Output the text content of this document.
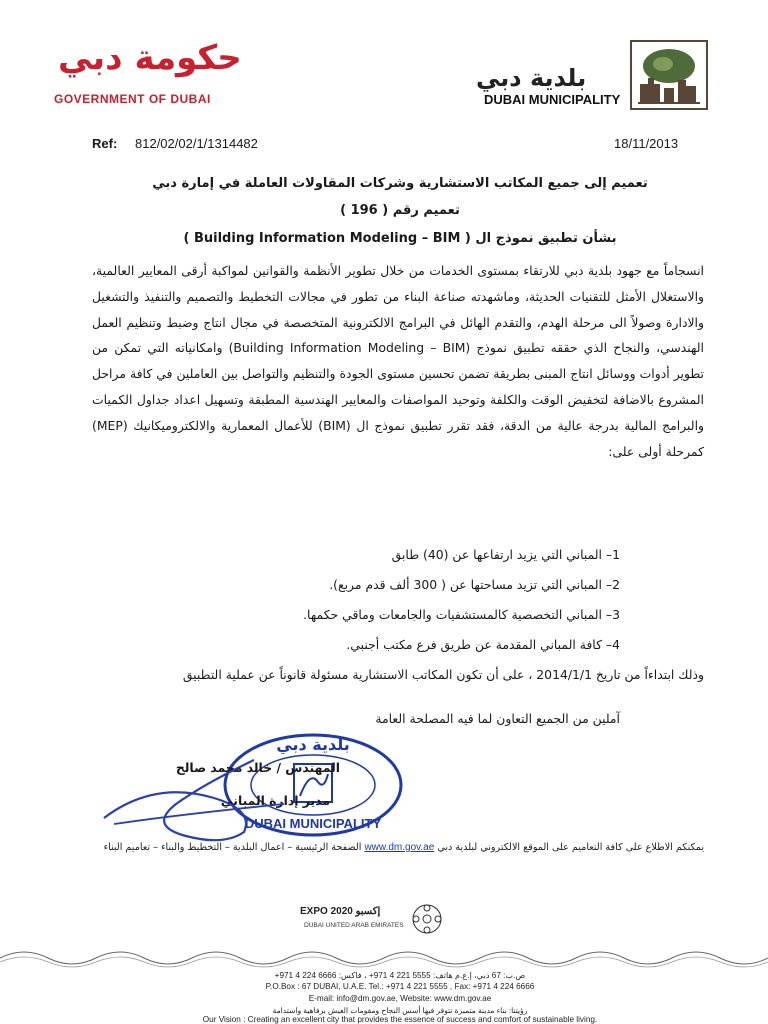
حكومة دبي
GOVERNMENT OF DUBAI
بلدية دبي
DUBAI MUNICIPALITY
Ref: 812/02/02/1/1314482	18/11/2013
تعميم إلى جميع المكاتب الاستشارية وشركات المقاولات العاملة في إمارة دبي
تعميم رقم ( 196 )
بشأن تطبيق نموذج ال ( Building Information Modeling – BIM )

انسجاماً مع جهود بلدية دبي للارتقاء بمستوى الخدمات من خلال تطوير الأنظمة والقوانين لمواكبة أرقى المعايير العالمية، والاستغلال الأمثل للتقنيات الحديثة، وماشهدته صناعة البناء من تطور في مجالات التخطيط والتصميم والتنفيذ والتشغيل والادارة وصولاً الى مرحلة الهدم، والتقدم الهائل في البرامج الالكترونية المتخصصة في مجال انتاج وضبط وتنظيم العمل الهندسي، والنجاح الذي حققه تطبيق نموذج (Building Information Modeling – BIM) وامكانياته التي تمكن من تطوير أدوات ووسائل انتاج المبنى بطريقة تضمن تحسين مستوى الجودة والتنظيم والتواصل بين العاملين في كافة مراحل المشروع بالاضافة لتخفيض الوقت والكلفة وتوحيد المواصفات والمعايير الهندسية المطبقة وتسهيل اعداد جداول الكميات والبرامج المالية بدرجة عالية من الدقة، فقد تقرر تطبيق نموذج ال (BIM) للأعمال المعمارية والالكتروميكانيك (MEP) كمرحلة أولى على:

1– المباني التي يزيد ارتفاعها عن (40) طابق
2– المباني التي تزيد مساحتها عن ( 300 ألف قدم مربع).
3– المباني التخصصية كالمستشفيات والجامعات وماقي حكمها.
4– كافة المباني المقدمة عن طريق فرع مكتب أجنبي.
وذلك ابتداءاً من تاريخ 2014/1/1 ، على أن تكون المكاتب الاستشارية مسئولة قانوناً عن عملية التطبيق
آملين من الجميع التعاون لما فيه المصلحة العامة
بلدية دبي
DUBAI MUNICIPALITY
المهندس / خالد محمد صالح
مدير إدارة المباني
يمكنكم الاطلاع على كافة التعاميم على الموقع الالكتروني لبلدية دبي www.dm.gov.ae الصفحة الرئيسية – اعمال البلدية – التخطيط والبناء – تعاميم البناء
EXPO 2020 إكسبو
DUBAI UNITED ARAB EMIRATES
ص.ب: 67 دبي، إ.ع.م هاتف: 5555 221 4 971+ ، فاكس: 6666 224 4 971+
P.O.Box : 67 DUBAI, U.A.E. Tel.: +971 4 221 5555 , Fax: +971 4 224 6666
E-mail: info@dm.gov.ae, Website: www.dm.gov.ae
رؤيتنا: بناء مدينة متميزة تتوفر فيها أسس النجاح ومقومات العيش برفاهية واستدامة
Our Vision : Creating an excellent city that provides the essence of success and comfort of sustainable living.
